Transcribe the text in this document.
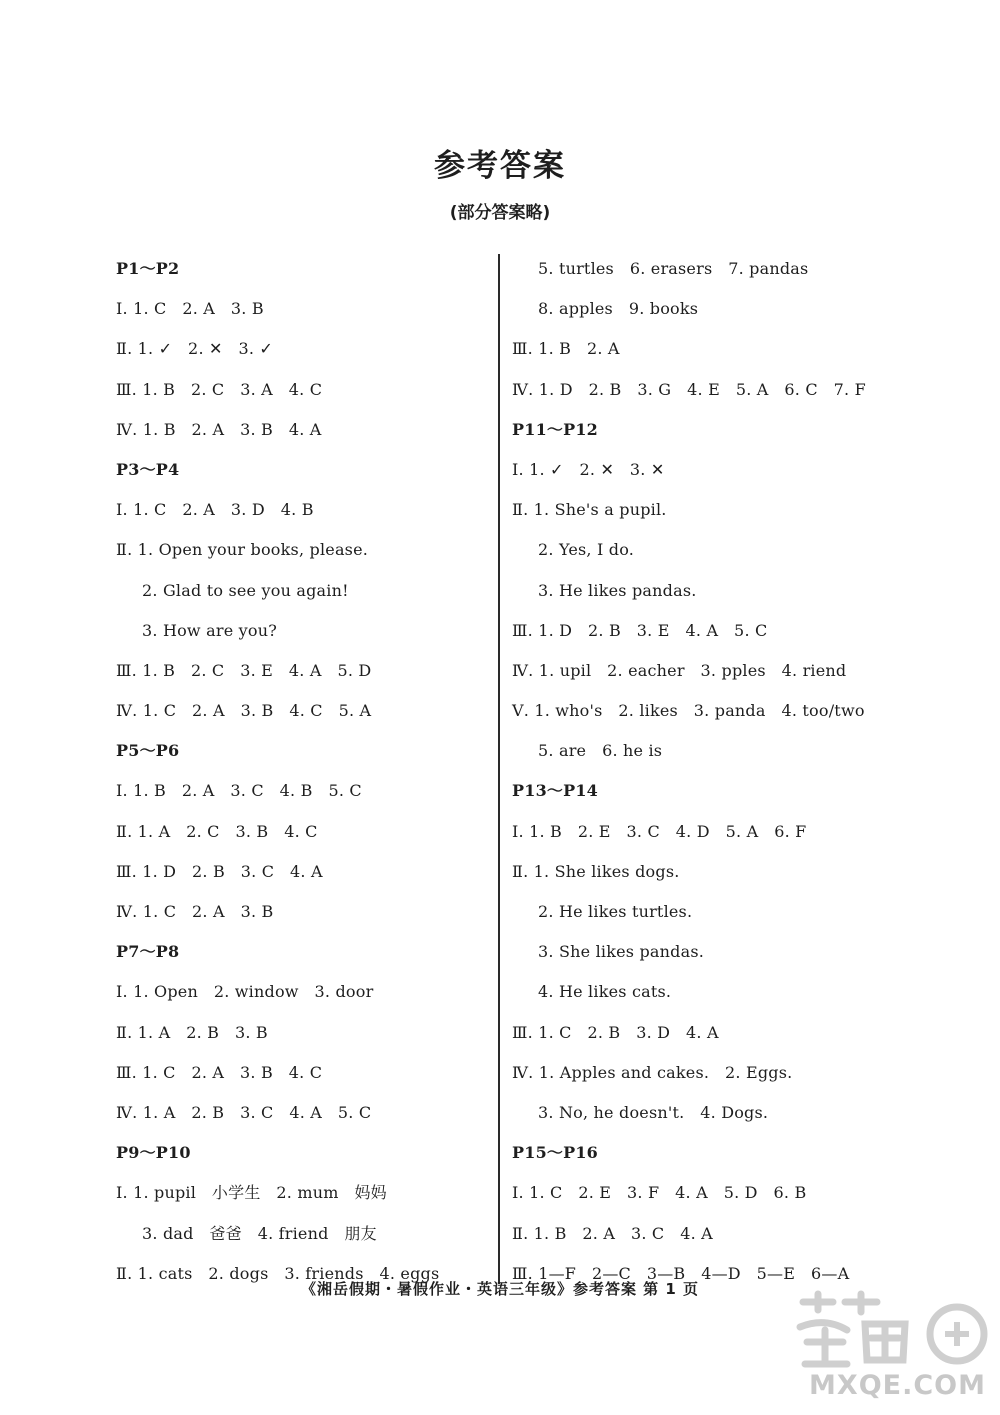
参考答案
(部分答案略)
P1～P2
Ⅰ. 1. C   2. A   3. B
Ⅱ. 1. ✓   2. ✕   3. ✓
Ⅲ. 1. B   2. C   3. A   4. C
Ⅳ. 1. B   2. A   3. B   4. A
P3～P4
Ⅰ. 1. C   2. A   3. D   4. B
Ⅱ. 1. Open your books, please.
2. Glad to see you again!
3. How are you?
Ⅲ. 1. B   2. C   3. E   4. A   5. D
Ⅳ. 1. C   2. A   3. B   4. C   5. A
P5～P6
Ⅰ. 1. B   2. A   3. C   4. B   5. C
Ⅱ. 1. A   2. C   3. B   4. C
Ⅲ. 1. D   2. B   3. C   4. A
Ⅳ. 1. C   2. A   3. B
P7～P8
Ⅰ. 1. Open   2. window   3. door
Ⅱ. 1. A   2. B   3. B
Ⅲ. 1. C   2. A   3. B   4. C
Ⅳ. 1. A   2. B   3. C   4. A   5. C
P9～P10
Ⅰ. 1. pupil   小学生   2. mum   妈妈
3. dad   爸爸   4. friend   朋友
Ⅱ. 1. cats   2. dogs   3. friends   4. eggs
5. turtles   6. erasers   7. pandas
8. apples   9. books
Ⅲ. 1. B   2. A
Ⅳ. 1. D   2. B   3. G   4. E   5. A   6. C   7. F
P11～P12
Ⅰ. 1. ✓   2. ✕   3. ✕
Ⅱ. 1. She's a pupil.
2. Yes, I do.
3. He likes pandas.
Ⅲ. 1. D   2. B   3. E   4. A   5. C
Ⅳ. 1. upil   2. eacher   3. pples   4. riend
Ⅴ. 1. who's   2. likes   3. panda   4. too/two
5. are   6. he is
P13～P14
Ⅰ. 1. B   2. E   3. C   4. D   5. A   6. F
Ⅱ. 1. She likes dogs.
2. He likes turtles.
3. She likes pandas.
4. He likes cats.
Ⅲ. 1. C   2. B   3. D   4. A
Ⅳ. 1. Apples and cakes.   2. Eggs.
3. No, he doesn't.   4. Dogs.
P15～P16
Ⅰ. 1. C   2. E   3. F   4. A   5. D   6. B
Ⅱ. 1. B   2. A   3. C   4. A
Ⅲ. 1—F   2—C   3—B   4—D   5—E   6—A
《湘岳假期・暑假作业・英语三年级》参考答案 第 1 页
MXQE.COM
